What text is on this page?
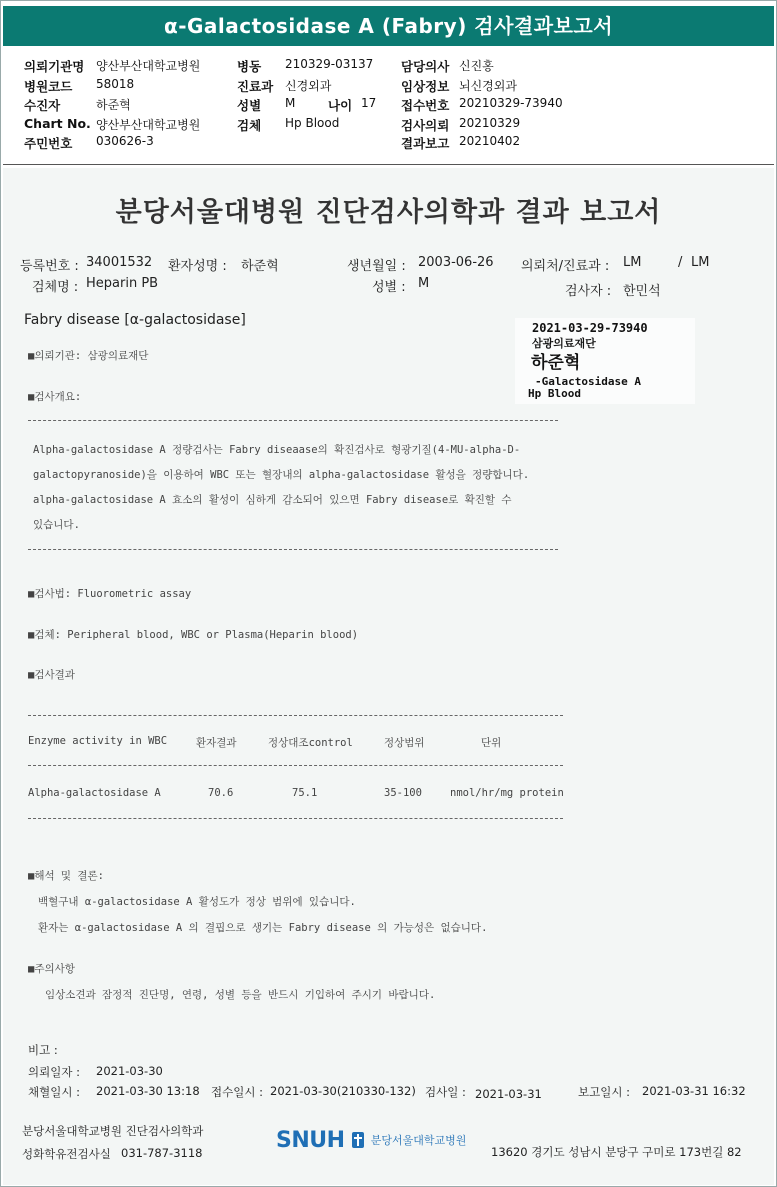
α-Galactosidase A (Fabry) 검사결과보고서
의뢰기관명 양산부산대학교병원
병원코드 58018
수진자	하준혁
Chart No. 양산부산대학교병원
주민번호 030626-3
병동 210329-03137
진료과 신경외과
성별 M	나이 17
검체 Hp Blood
담당의사 신진홍
임상정보 뇌신경외과
접수번호 20210329-73940
검사의뢰 20210329
결과보고 20210402
분당서울대병원 진단검사의학과 결과 보고서
등록번호 : 34001532 환자성명 : 하준혁	생년월일 : 2003-06-26 의뢰처/진료과 : LM	/ LM
검체명 : Heparin PB	성별 : M
검사자 : 한민석
Fabry disease [α-galactosidase]	2021-03-29-73940
삼광의료재단
하준혁
-Galactosidase A
Hp Blood
■의뢰기관: 삼광의료재단
■검사개요:
Alpha-galactosidase A 정량검사는 Fabry diseaase의 확진검사로 형광기질(4-MU-alpha-D-
galactopyranoside)을 이용하여 WBC 또는 혈장내의 alpha-galactosidase 활성을 정량합니다.
alpha-galactosidase A 효소의 활성이 심하게 감소되어 있으면 Fabry disease로 확진할 수
있습니다.
■검사법: Fluorometric assay
■검체: Peripheral blood, WBC or Plasma(Heparin blood)
■검사결과
Enzyme activity in WBC	환자결과	정상대조control	정상범위	단위
Alpha-galactosidase A	70.6	75.1	35-100	nmol/hr/mg protein
■해석 및 결론:
백혈구내 α-galactosidase A 활성도가 정상 범위에 있습니다.
환자는 α-galactosidase A 의 결핍으로 생기는 Fabry disease 의 가능성은 없습니다.
■주의사항
임상소견과 잠정적 진단명, 연령, 성별 등을 반드시 기입하여 주시기 바랍니다.
비고 :
의뢰일자 : 2021-03-30
채혈일시 : 2021-03-30 13:18 접수일시 : 2021-03-30(210330-132) 검사일 : 2021-03-31	보고일시 : 2021-03-31 16:32
분당서울대학교병원 진단검사의학과
성화학유전검사실 031-787-3118	SNUH 분당서울대학교병원
13620 경기도 성남시 분당구 구미로 173번길 82
